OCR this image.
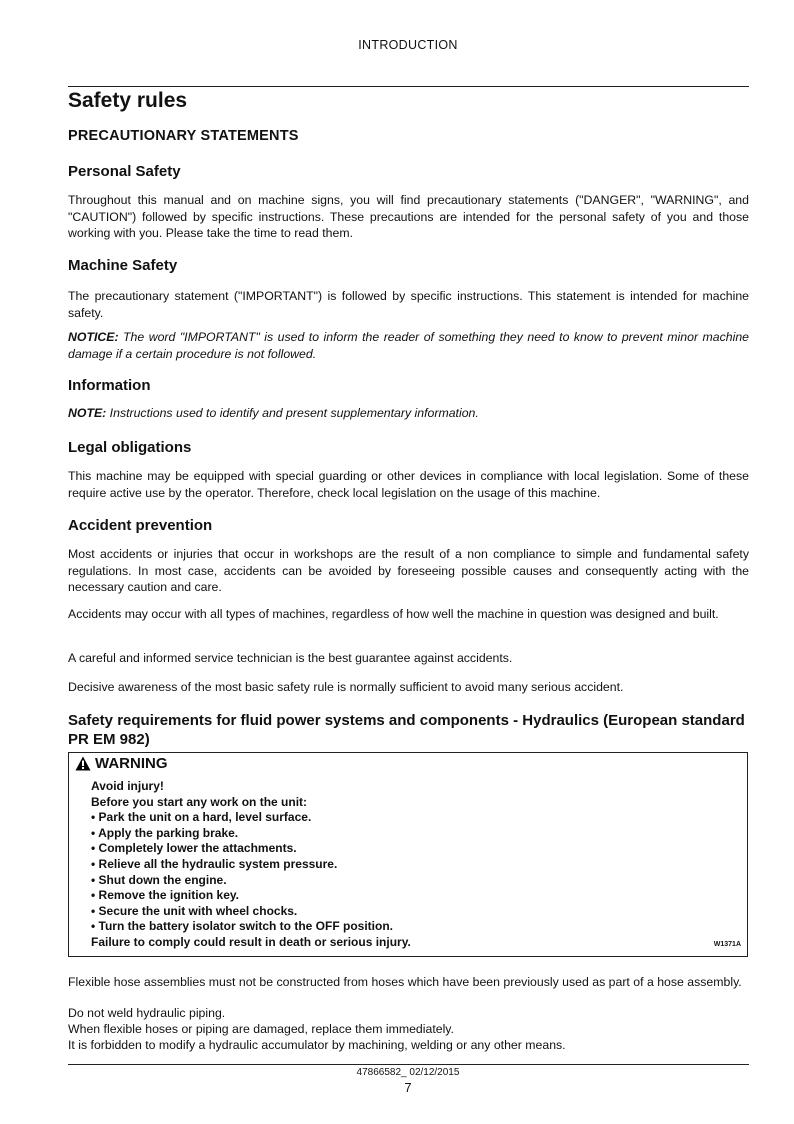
INTRODUCTION
Safety rules
PRECAUTIONARY STATEMENTS
Personal Safety

Throughout this manual and on machine signs, you will find precautionary statements ("DANGER", "WARNING", and "CAUTION") followed by specific instructions. These precautions are intended for the personal safety of you and those working with you. Please take the time to read them.

Machine Safety

The precautionary statement ("IMPORTANT") is followed by specific instructions. This statement is intended for machine safety.

NOTICE: The word "IMPORTANT" is used to inform the reader of something they need to know to prevent minor machine damage if a certain procedure is not followed.

Information

NOTE: Instructions used to identify and present supplementary information.

Legal obligations

This machine may be equipped with special guarding or other devices in compliance with local legislation. Some of these require active use by the operator. Therefore, check local legislation on the usage of this machine.

Accident prevention

Most accidents or injuries that occur in workshops are the result of a non compliance to simple and fundamental safety regulations. In most case, accidents can be avoided by foreseeing possible causes and consequently acting with the necessary caution and care.

Accidents may occur with all types of machines, regardless of how well the machine in question was designed and built.

A careful and informed service technician is the best guarantee against accidents.

Decisive awareness of the most basic safety rule is normally sufficient to avoid many serious accident.

Safety requirements for fluid power systems and components - Hydraulics (European standard PR EM 982)
WARNING
Avoid injury!
Before you start any work on the unit:
• Park the unit on a hard, level surface.
• Apply the parking brake.
• Completely lower the attachments.
• Relieve all the hydraulic system pressure.
• Shut down the engine.
• Remove the ignition key.
• Secure the unit with wheel chocks.
• Turn the battery isolator switch to the OFF position.
Failure to comply could result in death or serious injury.	W1371A

Flexible hose assemblies must not be constructed from hoses which have been previously used as part of a hose assembly.

Do not weld hydraulic piping.

When flexible hoses or piping are damaged, replace them immediately.

It is forbidden to modify a hydraulic accumulator by machining, welding or any other means.

47866582_ 02/12/2015
7
